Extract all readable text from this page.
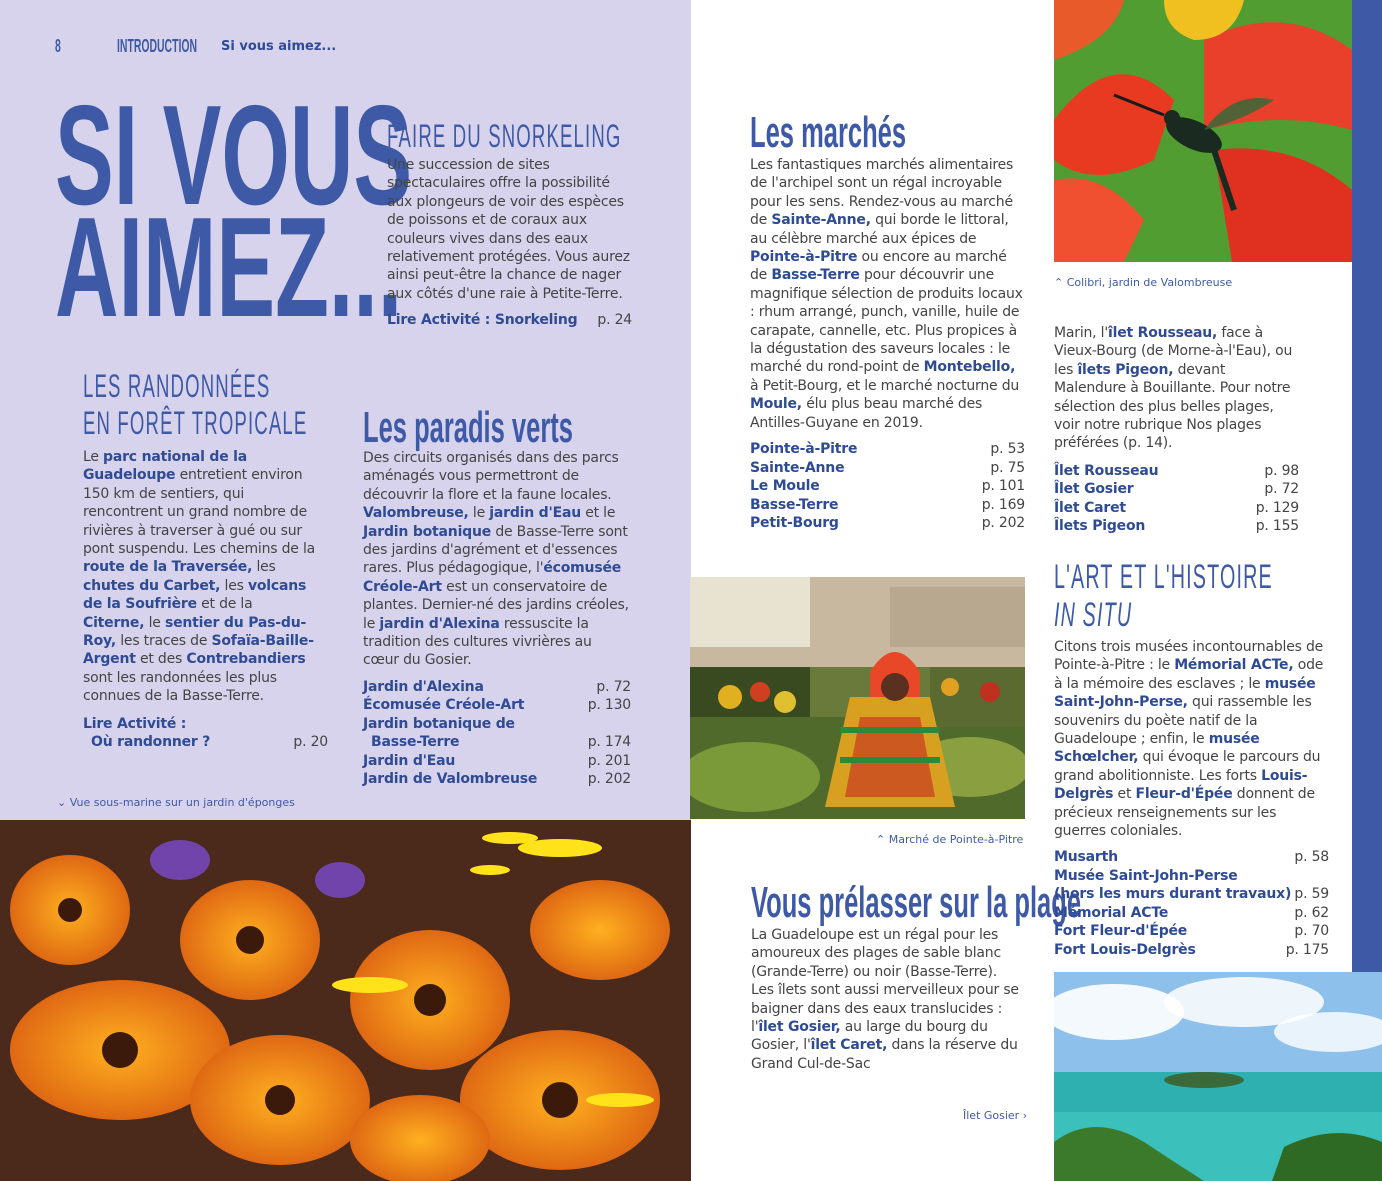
8	INTRODUCTION Si vous aimez...
SI VOUS
AIMEZ...
FAIRE DU SNORKELING

Une succession de sites spectaculaires offre la possibilité aux plongeurs de voir des espèces de poissons et de coraux aux couleurs vives dans des eaux relativement protégées. Vous aurez ainsi peut-être la chance de nager aux côtés d'une raie à Petite-Terre.

Lire Activité : Snorkeling p. 24
LES RANDONNÉES
EN FORÊT TROPICALE

Le parc national de la Guadeloupe entretient environ 150 km de sentiers, qui rencontrent un grand nombre de rivières à traverser à gué ou sur pont suspendu. Les chemins de la route de la Traversée, les chutes du Carbet, les volcans de la Soufrière et de la Citerne, le sentier du Pas-du-Roy, les traces de Sofaïa-Baille-Argent et des Contrebandiers sont les randonnées les plus connues de la Basse-Terre.

Lire Activité :
Où randonner ?	p. 20
Les paradis verts

Des circuits organisés dans des parcs aménagés vous permettront de découvrir la flore et la faune locales. Valombreuse, le jardin d'Eau et le Jardin botanique de Basse-Terre sont des jardins d'agrément et d'essences rares. Plus pédagogique, l'écomusée Créole-Art est un conservatoire de plantes. Dernier-né des jardins créoles, le jardin d'Alexina ressuscite la tradition des cultures vivrières au cœur du Gosier.

Jardin d'Alexina	p. 72
Écomusée Créole-Art	p. 130
Jardin botanique de
Basse-Terre	p. 174
Jardin d'Eau	p. 201
Jardin de Valombreuse	p. 202
⌄ Vue sous-marine sur un jardin d'éponges
Les marchés

Les fantastiques marchés alimentaires de l'archipel sont un régal incroyable pour les sens. Rendez-vous au marché de Sainte-Anne, qui borde le littoral, au célèbre marché aux épices de Pointe-à-Pitre ou encore au marché de Basse-Terre pour découvrir une magnifique sélection de produits locaux : rhum arrangé, punch, vanille, huile de carapate, cannelle, etc. Plus propices à la dégustation des saveurs locales : le marché du rond-point de Montebello, à Petit-Bourg, et le marché nocturne du Moule, élu plus beau marché des Antilles-Guyane en 2019.

Pointe-à-Pitre	p. 53
Sainte-Anne	p. 75
Le Moule	p. 101
Basse-Terre	p. 169
Petit-Bourg	p. 202
⌃ Marché de Pointe-à-Pitre
Vous prélasser sur la plage

La Guadeloupe est un régal pour les amoureux des plages de sable blanc (Grande-Terre) ou noir (Basse-Terre). Les îlets sont aussi merveilleux pour se baigner dans des eaux translucides : l'îlet Gosier, au large du bourg du Gosier, l'îlet Caret, dans la réserve du Grand Cul-de-Sac

Îlet Gosier ›
⌃ Colibri, jardin de Valombreuse

Marin, l'îlet Rousseau, face à Vieux-Bourg (de Morne-à-l'Eau), ou les îlets Pigeon, devant Malendure à Bouillante. Pour notre sélection des plus belles plages, voir notre rubrique Nos plages préférées (p. 14).

Îlet Rousseau	p. 98
Îlet Gosier	p. 72
Îlet Caret	p. 129
Îlets Pigeon	p. 155
L'ART ET L'HISTOIRE
IN SITU

Citons trois musées incontournables de Pointe-à-Pitre : le Mémorial ACTe, ode à la mémoire des esclaves ; le musée Saint-John-Perse, qui rassemble les souvenirs du poète natif de la Guadeloupe ; enfin, le musée Schœlcher, qui évoque le parcours du grand abolitionniste. Les forts Louis-Delgrès et Fleur-d'Épée donnent de précieux renseignements sur les guerres coloniales.

Musarth	p. 58
Musée Saint-John-Perse
(hors les murs durant travaux) p. 59
Mémorial ACTe	p. 62
Fort Fleur-d'Épée	p. 70
Fort Louis-Delgrès	p. 175
